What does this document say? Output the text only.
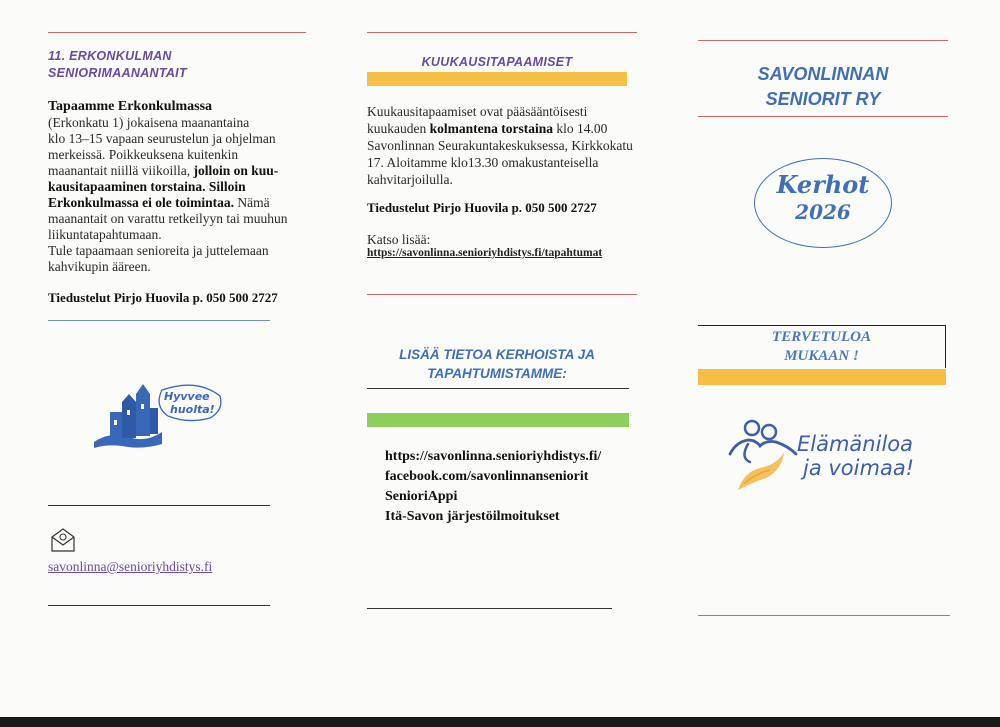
11. ERKONKULMAN
SENIORIMAANANTAIT
Tapaamme Erkonkulmassa
(Erkonkatu 1) jokaisena maanantaina
klo 13–15 vapaan seurustelun ja ohjelman
merkeissä. Poikkeuksena kuitenkin
maanantait niillä viikoilla, jolloin on kuu-
kausitapaaminen torstaina. Silloin
Erkonkulmassa ei ole toimintaa. Nämä
maanantait on varattu retkeilyyn tai muuhun
liikuntatapahtumaan.
Tule tapaamaan senioreita ja juttelemaan
kahvikupin ääreen.
Tiedustelut Pirjo Huovila p. 050 500 2727
Hyvvee
huolta!
savonlinna@senioriyhdistys.fi
KUUKAUSITAPAAMISET
Kuukausitapaamiset ovat pääsääntöisesti
kuukauden kolmantena torstaina klo 14.00
Savonlinnan Seurakuntakeskuksessa, Kirkkokatu
17. Aloitamme klo13.30 omakustanteisella
kahvitarjoilulla.
Tiedustelut Pirjo Huovila p. 050 500 2727
Katso lisää:
https://savonlinna.senioriyhdistys.fi/tapahtumat
LISÄÄ TIETOA KERHOISTA JA
TAPAHTUMISTAMME:
https://savonlinna.senioriyhdistys.fi/
facebook.com/savonlinnanseniorit
SenioriAppi
Itä-Savon järjestöilmoitukset
SAVONLINNAN
SENIORIT RY
Kerhot
2026
TERVETULOA
MUKAAN !
Elämäniloa
ja voimaa!
